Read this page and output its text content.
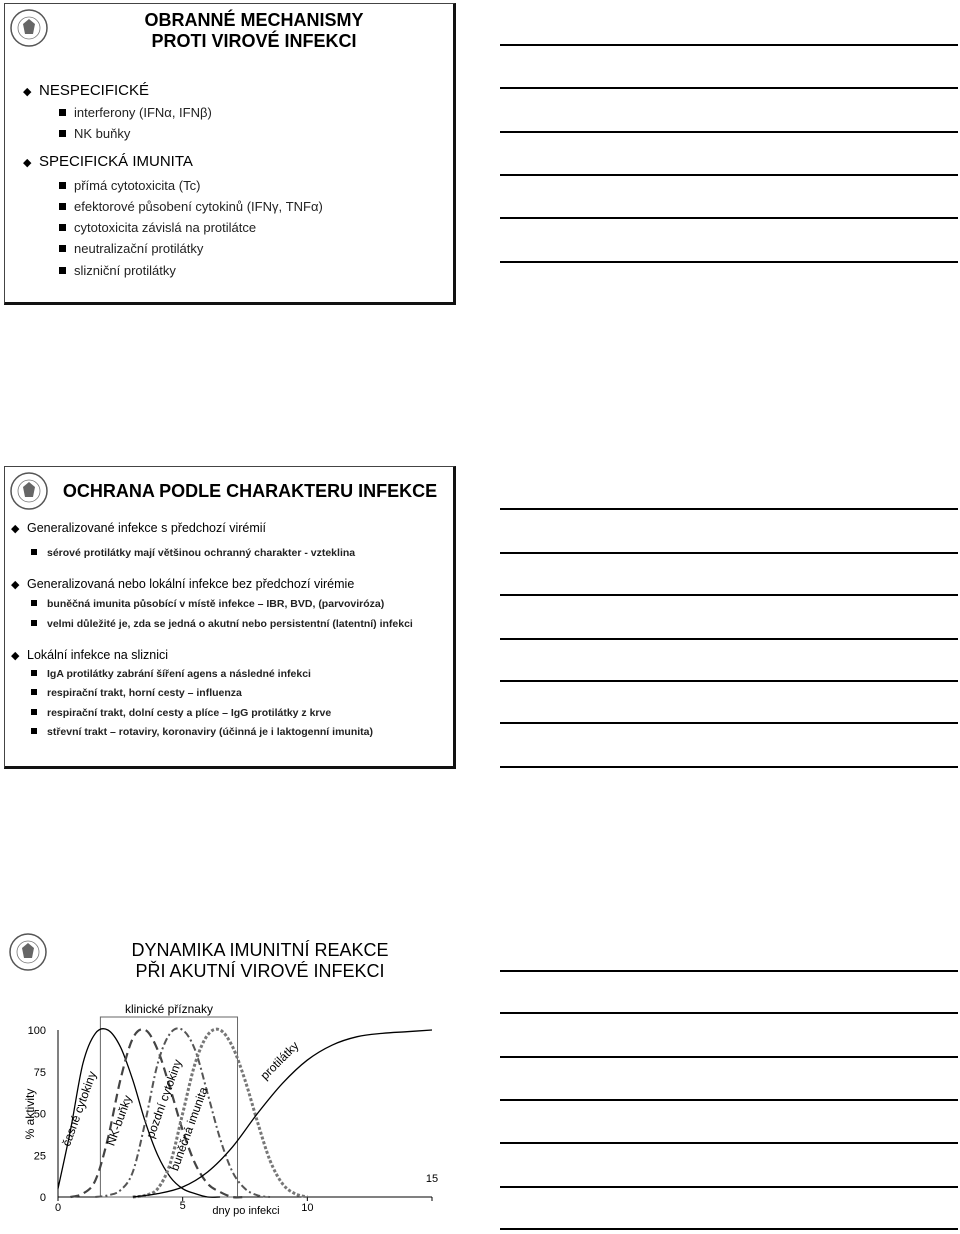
OBRANNÉ MECHANISMY
PROTI VIROVÉ INFEKCI
◆ NESPECIFICKÉ
interferony (IFNα, IFNβ)
NK buňky
◆ SPECIFICKÁ IMUNITA
přímá cytotoxicita (Tc)
efektorové působení cytokinů (IFNγ, TNFα)
cytotoxicita závislá na protilátce
neutralizační protilátky
slizniční protilátky
OCHRANA PODLE CHARAKTERU INFEKCE
◆ Generalizované infekce s předchozí virémií
sérové protilátky mají většinou ochranný charakter - vzteklina
◆ Generalizovaná nebo lokální infekce bez předchozí virémie
buněčná imunita působící v místě infekce – IBR, BVD, (parvoviróza)
velmi důležité je, zda se jedná o akutní nebo persistentní (latentní) infekci
◆ Lokální infekce na sliznici
IgA protilátky zabrání šíření agens a následné infekci
respirační trakt, horní cesty – influenza
respirační trakt, dolní cesty a plíce – IgG protilátky z krve
střevní trakt – rotaviry, koronaviry (účinná je i laktogenní imunita)
DYNAMIKA IMUNITNÍ REAKCE
PŘI AKUTNÍ VIROVÉ INFEKCI
klinické příznaky
0
25
50
75
100
0	5	10
15
dny po infekci
% aktivity časné cytokiny NK-buňky pozdní cytokiny
buněčná imunita
protilátky
